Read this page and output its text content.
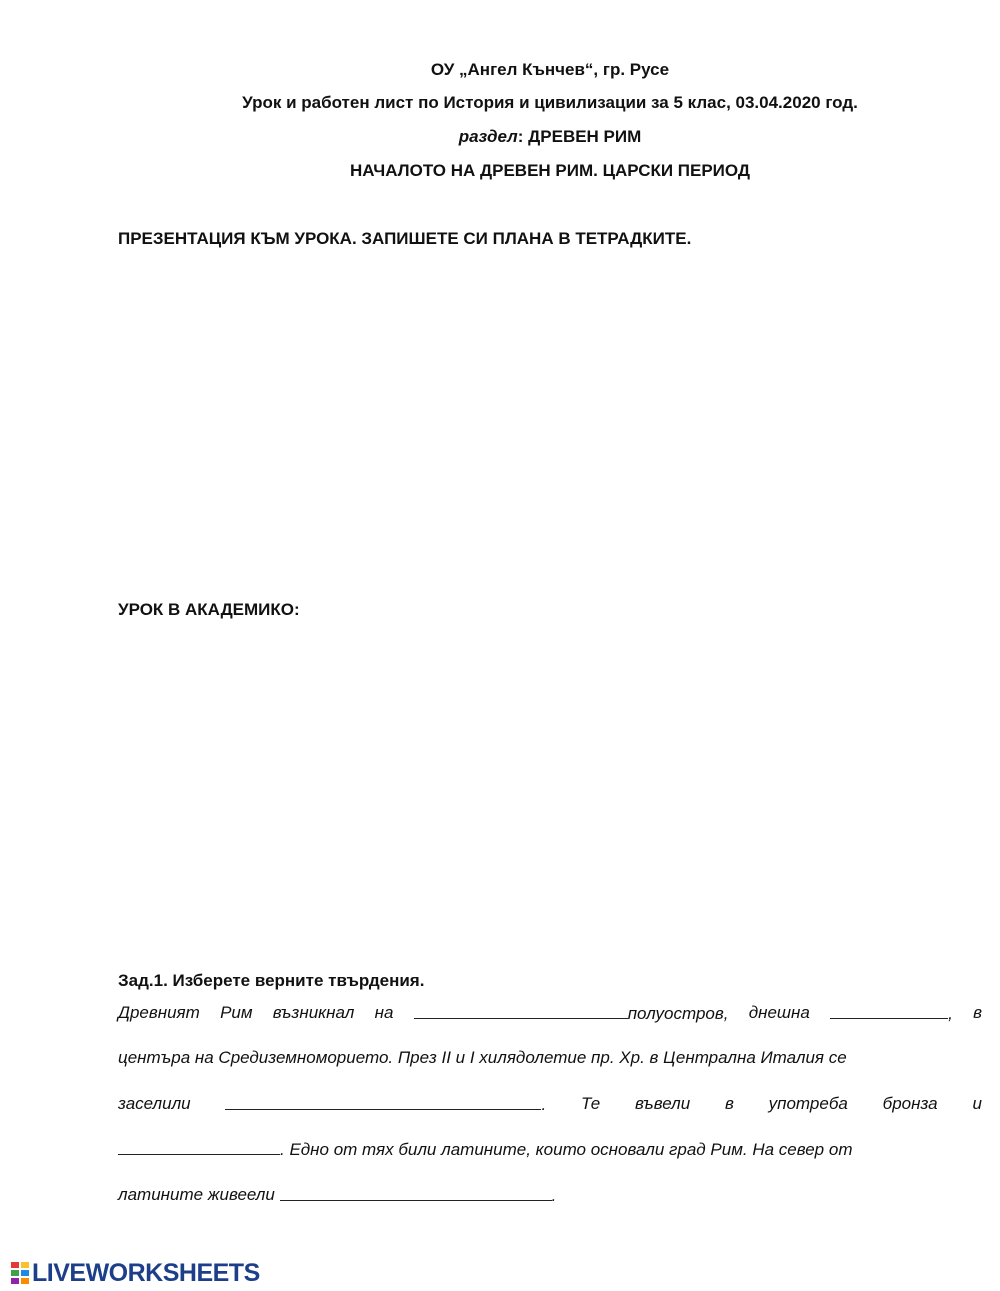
ОУ „Ангел Кънчев“, гр. Русе
Урок и работен лист по История и цивилизации за 5 клас, 03.04.2020 год.
раздел: ДРЕВЕН РИМ
НАЧАЛОТО НА ДРЕВЕН РИМ. ЦАРСКИ ПЕРИОД
ПРЕЗЕНТАЦИЯ КЪМ УРОКА. ЗАПИШЕТЕ СИ ПЛАНА В ТЕТРАДКИТЕ.
УРОК В АКАДЕМИКО:
Зад.1. Изберете верните твърдения.
Древният Рим възникнал на	полуостров, днешна	, в
центъра на Средиземноморието. През II и I хилядолетие пр. Хр. в Централна Италия се
заселили	. Те въвели в употреба бронза и
. Едно от тях били латините, които основали град Рим. На север от
латините живеели	.
LIVEWORKSHEETS
